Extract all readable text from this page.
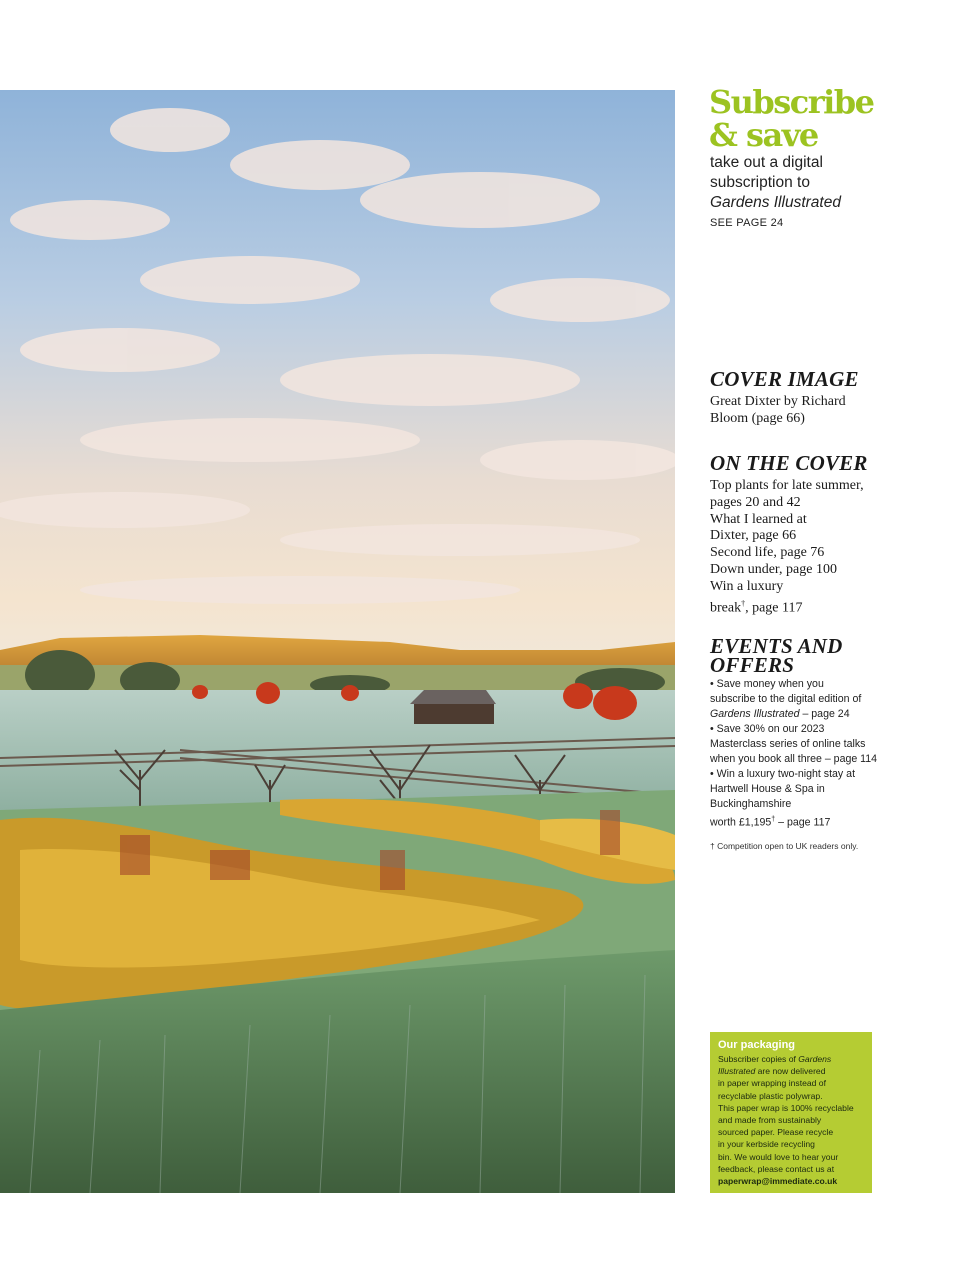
Subscribe
& save

take out a digital
subscription to
Gardens Illustrated

SEE PAGE 24
COVER IMAGE

Great Dixter by Richard
Bloom (page 66)

ON THE COVER

Top plants for late summer,
pages 20 and 42
What I learned at
Dixter, page 66
Second life, page 76
Down under, page 100
Win a luxury
break†, page 117

EVENTS AND
OFFERS
• Save money when you
subscribe to the digital edition of
Gardens Illustrated – page 24
• Save 30% on our 2023
Masterclass series of online talks
when you book all three – page 114
• Win a luxury two-night stay at
Hartwell House & Spa in
Buckinghamshire
worth £1,195† – page 117
† Competition open to UK readers only.

Our packaging

Subscriber copies of Gardens
Illustrated are now delivered
in paper wrapping instead of
recyclable plastic polywrap.
This paper wrap is 100% recyclable
and made from sustainably
sourced paper. Please recycle
in your kerbside recycling
bin. We would love to hear your
feedback, please contact us at
paperwrap@immediate.co.uk
